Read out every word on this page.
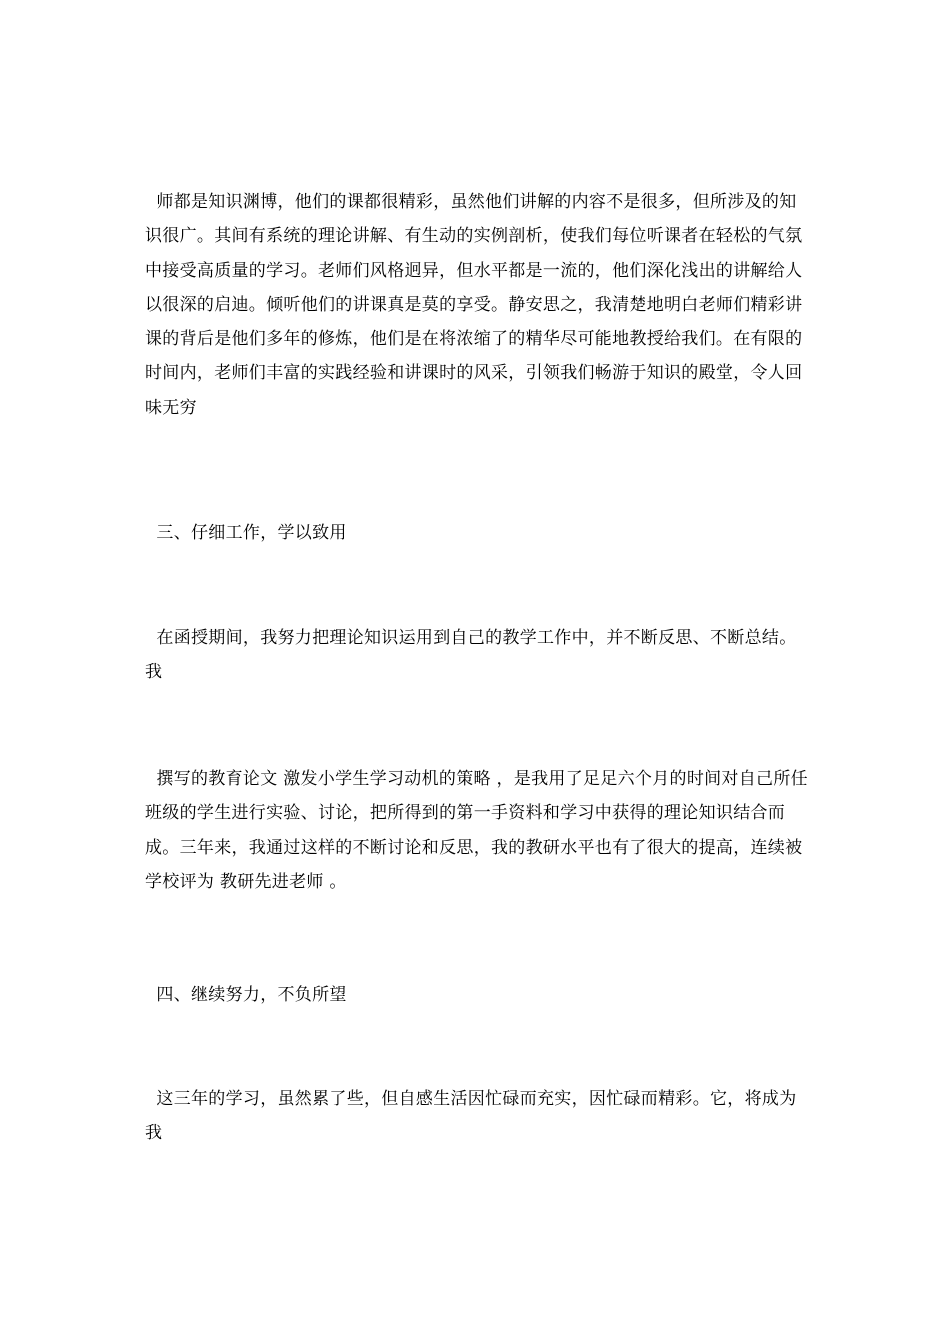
师都是知识渊博，他们的课都很精彩，虽然他们讲解的内容不是很多，但所涉及的知识很广。其间有系统的理论讲解、有生动的实例剖析，使我们每位听课者在轻松的气氛中接受高质量的学习。老师们风格迥异，但水平都是一流的，他们深化浅出的讲解给人以很深的启迪。倾听他们的讲课真是莫的享受。静安思之，我清楚地明白老师们精彩讲课的背后是他们多年的修炼，他们是在将浓缩了的精华尽可能地教授给我们。在有限的时间内，老师们丰富的实践经验和讲课时的风采，引领我们畅游于知识的殿堂，令人回味无穷

三、仔细工作，学以致用

在函授期间，我努力把理论知识运用到自己的教学工作中，并不断反思、不断总结。我

撰写的教育论文 激发小学生学习动机的策略 ，是我用了足足六个月的时间对自己所任班级的学生进行实验、讨论，把所得到的第一手资料和学习中获得的理论知识结合而成。三年来，我通过这样的不断讨论和反思，我的教研水平也有了很大的提高，连续被学校评为 教研先进老师 。

四、继续努力，不负所望

这三年的学习，虽然累了些，但自感生活因忙碌而充实，因忙碌而精彩。它，将成为我
